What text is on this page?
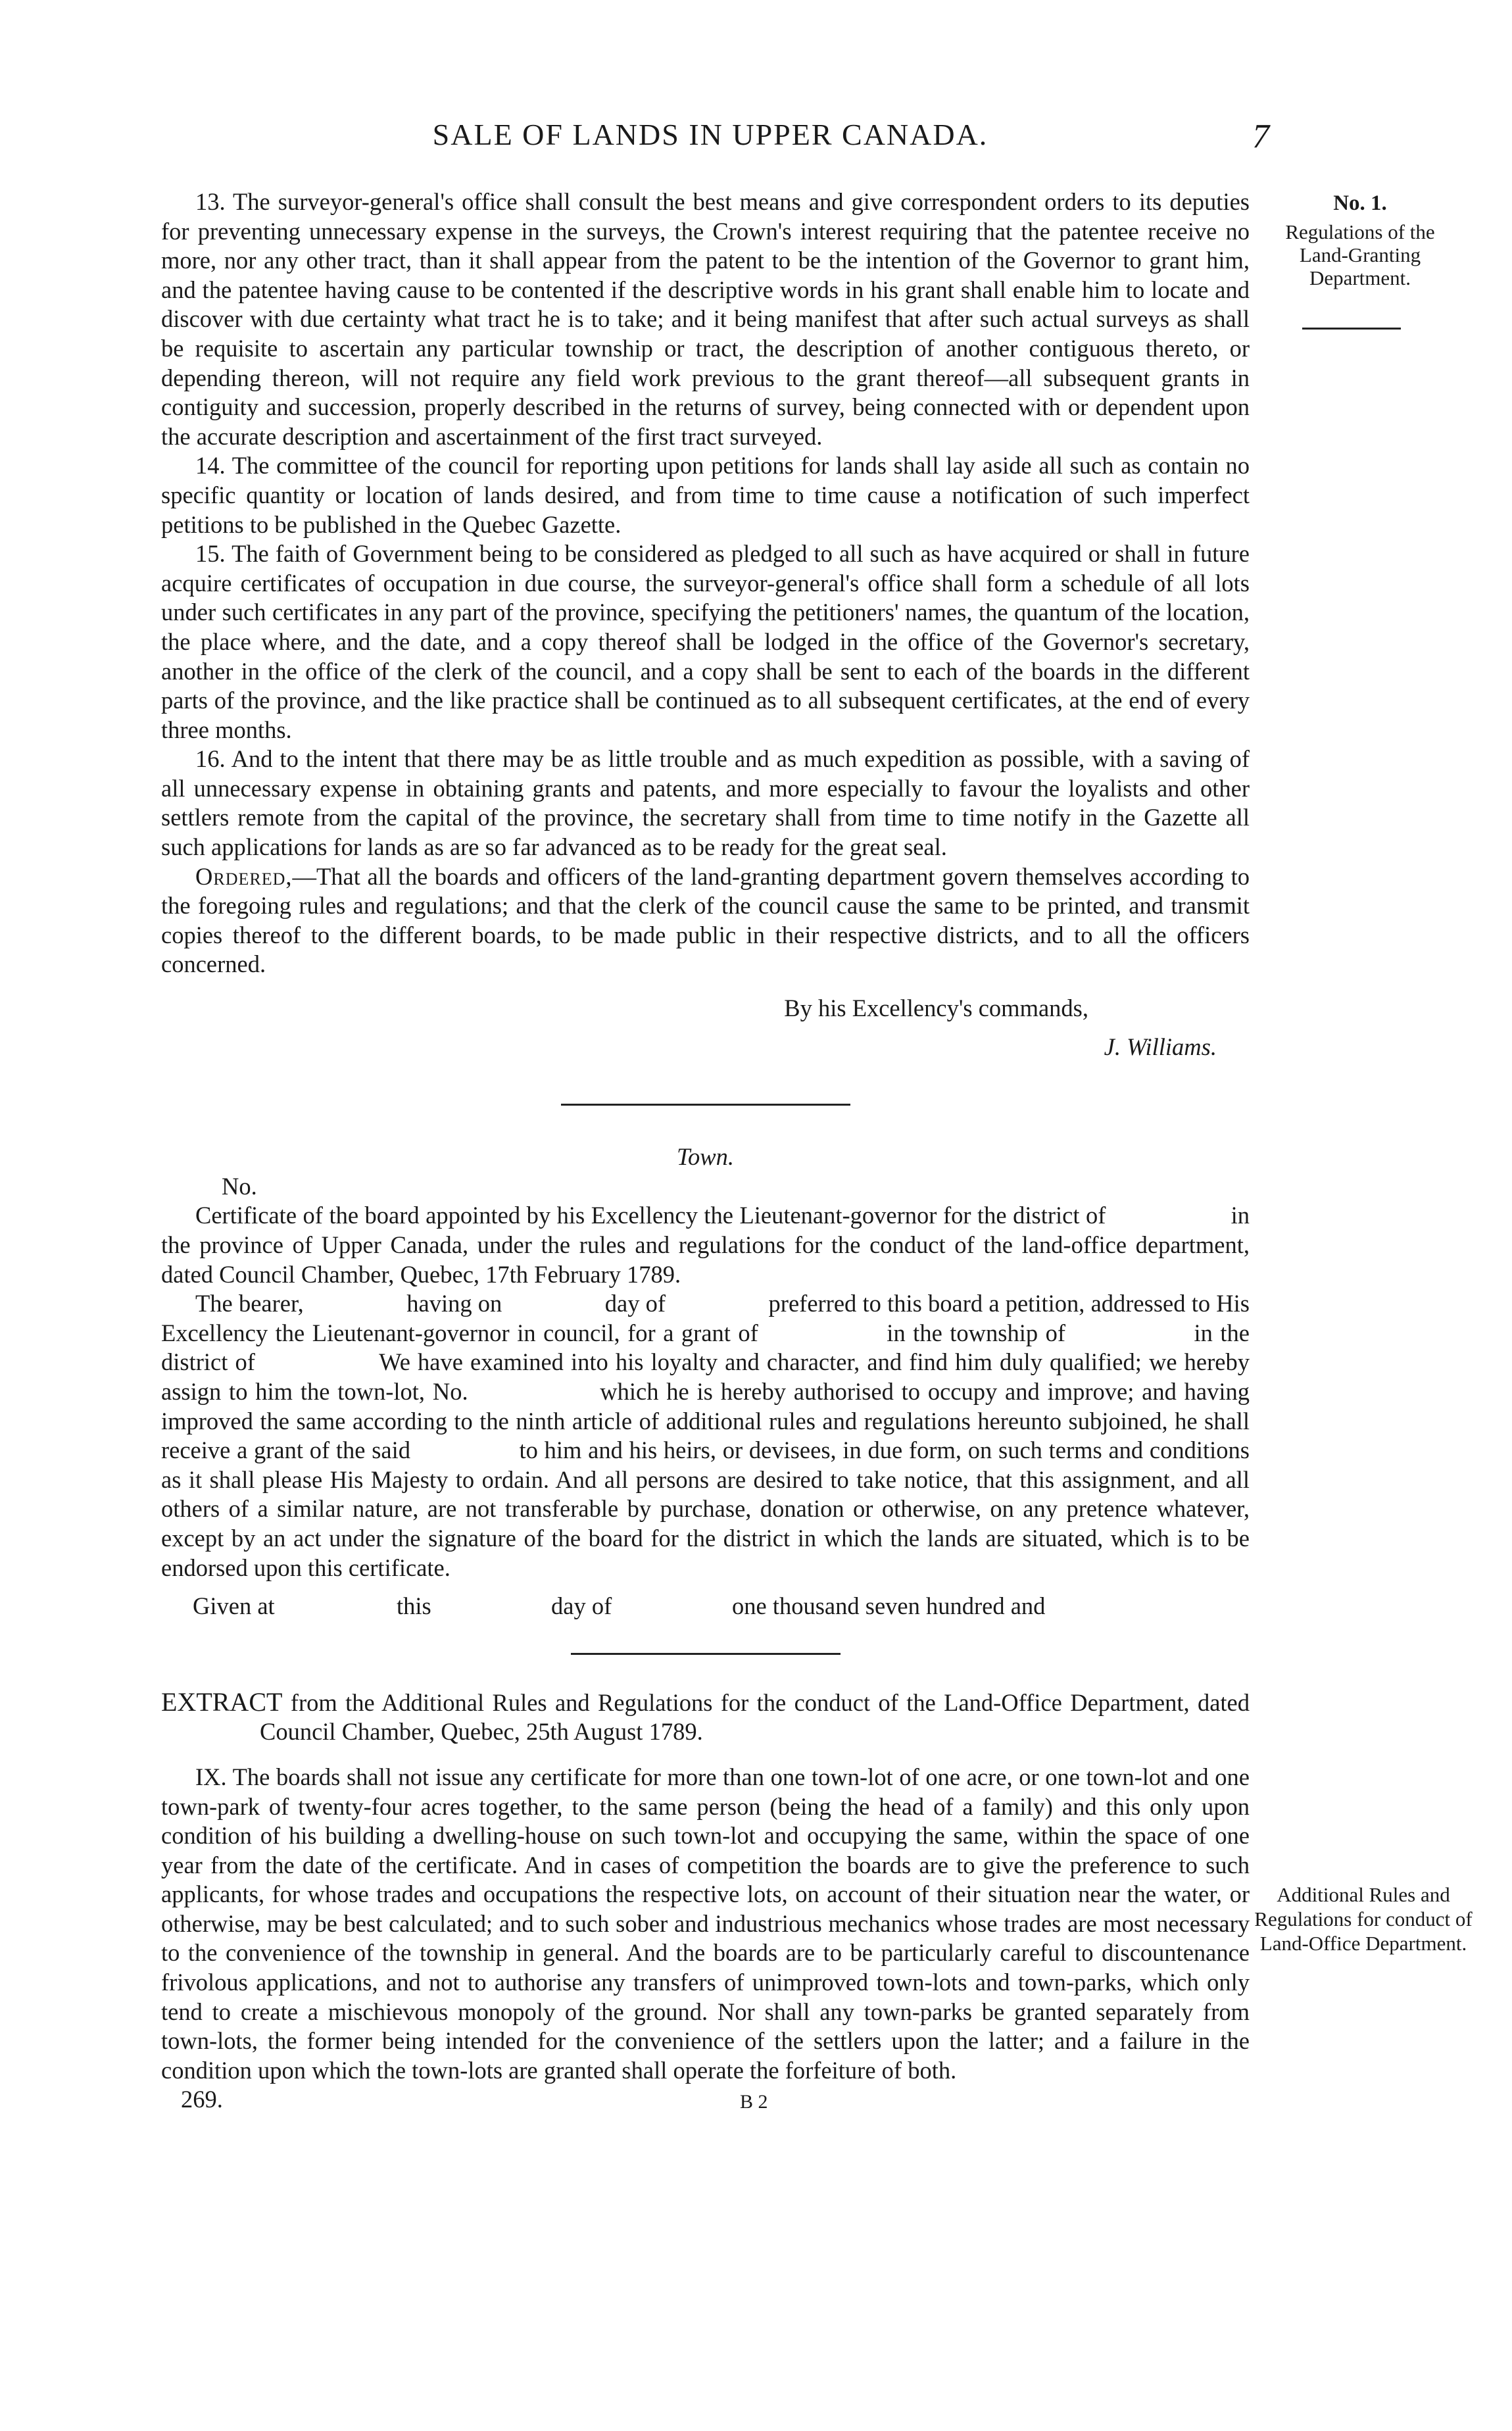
SALE OF LANDS IN UPPER CANADA.	7
No. 1.
Regulations of the Land-Granting Department.
Additional Rules and Regulations for conduct of Land-Office Department.

13. The surveyor-general's office shall consult the best means and give correspondent orders to its deputies for preventing unnecessary expense in the surveys, the Crown's interest requiring that the patentee receive no more, nor any other tract, than it shall appear from the patent to be the intention of the Governor to grant him, and the patentee having cause to be contented if the descriptive words in his grant shall enable him to locate and discover with due certainty what tract he is to take; and it being manifest that after such actual surveys as shall be requisite to ascertain any particular township or tract, the description of another contiguous thereto, or depending thereon, will not require any field work previous to the grant thereof—all subsequent grants in contiguity and succession, properly described in the returns of survey, being connected with or dependent upon the accurate description and ascertainment of the first tract surveyed.

14. The committee of the council for reporting upon petitions for lands shall lay aside all such as contain no specific quantity or location of lands desired, and from time to time cause a notification of such imperfect petitions to be published in the Quebec Gazette.

15. The faith of Government being to be considered as pledged to all such as have acquired or shall in future acquire certificates of occupation in due course, the surveyor-general's office shall form a schedule of all lots under such certificates in any part of the province, specifying the petitioners' names, the quantum of the location, the place where, and the date, and a copy thereof shall be lodged in the office of the Governor's secretary, another in the office of the clerk of the council, and a copy shall be sent to each of the boards in the different parts of the province, and the like practice shall be continued as to all subsequent certificates, at the end of every three months.

16. And to the intent that there may be as little trouble and as much expedition as possible, with a saving of all unnecessary expense in obtaining grants and patents, and more especially to favour the loyalists and other settlers remote from the capital of the province, the secretary shall from time to time notify in the Gazette all such applications for lands as are so far advanced as to be ready for the great seal.

Ordered,—That all the boards and officers of the land-granting department govern themselves according to the foregoing rules and regulations; and that the clerk of the council cause the same to be printed, and transmit copies thereof to the different boards, to be made public in their respective districts, and to all the officers concerned.

By his Excellency's commands,

J. Williams.

Town.

No.

Certificate of the board appointed by his Excellency the Lieutenant-governor for the district of                    in the province of Upper Canada, under the rules and regulations for the conduct of the land-office department, dated Council Chamber, Quebec, 17th February 1789.

The bearer,                 having on                 day of                 preferred to this board a petition, addressed to His Excellency the Lieutenant-governor in council, for a grant of                 in the township of                 in the district of                 We have examined into his loyalty and character, and find him duly qualified; we hereby assign to him the town-lot, No.                 which he is hereby authorised to occupy and improve; and having improved the same according to the ninth article of additional rules and regulations hereunto subjoined, he shall receive a grant of the said                 to him and his heirs, or devisees, in due form, on such terms and conditions as it shall please His Majesty to ordain. And all persons are desired to take notice, that this assignment, and all others of a similar nature, are not transferable by purchase, donation or otherwise, on any pretence whatever, except by an act under the signature of the board for the district in which the lands are situated, which is to be endorsed upon this certificate.

Given at	this	day of	one thousand seven hundred and

EXTRACT from the Additional Rules and Regulations for the conduct of the Land-Office Department, dated Council Chamber, Quebec, 25th August 1789.

IX. The boards shall not issue any certificate for more than one town-lot of one acre, or one town-lot and one town-park of twenty-four acres together, to the same person (being the head of a family) and this only upon condition of his building a dwelling-house on such town-lot and occupying the same, within the space of one year from the date of the certificate. And in cases of competition the boards are to give the preference to such applicants, for whose trades and occupations the respective lots, on account of their situation near the water, or otherwise, may be best calculated; and to such sober and industrious mechanics whose trades are most necessary to the convenience of the township in general. And the boards are to be particularly careful to discountenance frivolous applications, and not to authorise any transfers of unimproved town-lots and town-parks, which only tend to create a mischievous monopoly of the ground. Nor shall any town-parks be granted separately from town-lots, the former being intended for the convenience of the settlers upon the latter; and a failure in the condition upon which the town-lots are granted shall operate the forfeiture of both.

269.	B 2
